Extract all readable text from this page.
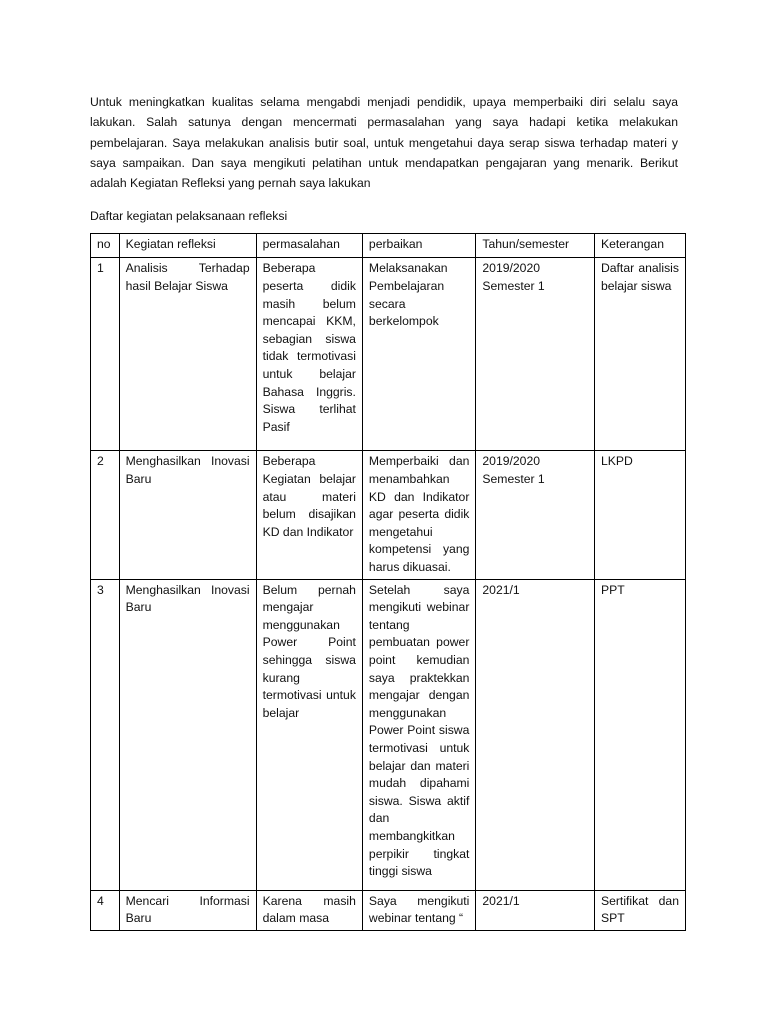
Untuk meningkatkan kualitas selama mengabdi menjadi pendidik, upaya memperbaiki diri selalu saya lakukan. Salah satunya dengan mencermati permasalahan yang saya hadapi ketika melakukan pembelajaran. Saya melakukan analisis butir soal, untuk mengetahui daya serap siswa terhadap materi y saya sampaikan. Dan saya mengikuti pelatihan untuk mendapatkan pengajaran yang menarik. Berikut adalah Kegiatan Refleksi yang pernah saya lakukan

Daftar kegiatan pelaksanaan refleksi

no	Kegiatan refleksi	permasalahan	perbaikan	Tahun/semester	Keterangan
1	Analisis Terhadap hasil Belajar Siswa	Beberapa peserta didik masih belum mencapai KKM, sebagian siswa tidak termotivasi untuk belajar Bahasa Inggris. Siswa terlihat Pasif	Melaksanakan Pembelajaran secara berkelompok	2019/2020 Semester 1	Daftar analisis belajar siswa
2	Menghasilkan Inovasi Baru	Beberapa Kegiatan belajar atau materi belum disajikan KD dan Indikator	Memperbaiki dan menambahkan KD dan Indikator agar peserta didik mengetahui kompetensi yang harus dikuasai.	2019/2020 Semester 1	LKPD
3	Menghasilkan Inovasi Baru	Belum pernah mengajar menggunakan Power Point sehingga siswa kurang termotivasi untuk belajar	Setelah saya mengikuti webinar tentang pembuatan power point kemudian saya praktekkan mengajar dengan menggunakan Power Point siswa termotivasi untuk belajar dan materi mudah dipahami siswa. Siswa aktif dan membangkitkan perpikir tingkat tinggi siswa	2021/1	PPT
4	Mencari Informasi Baru	Karena masih dalam masa	Saya mengikuti webinar tentang “	2021/1	Sertifikat dan SPT
